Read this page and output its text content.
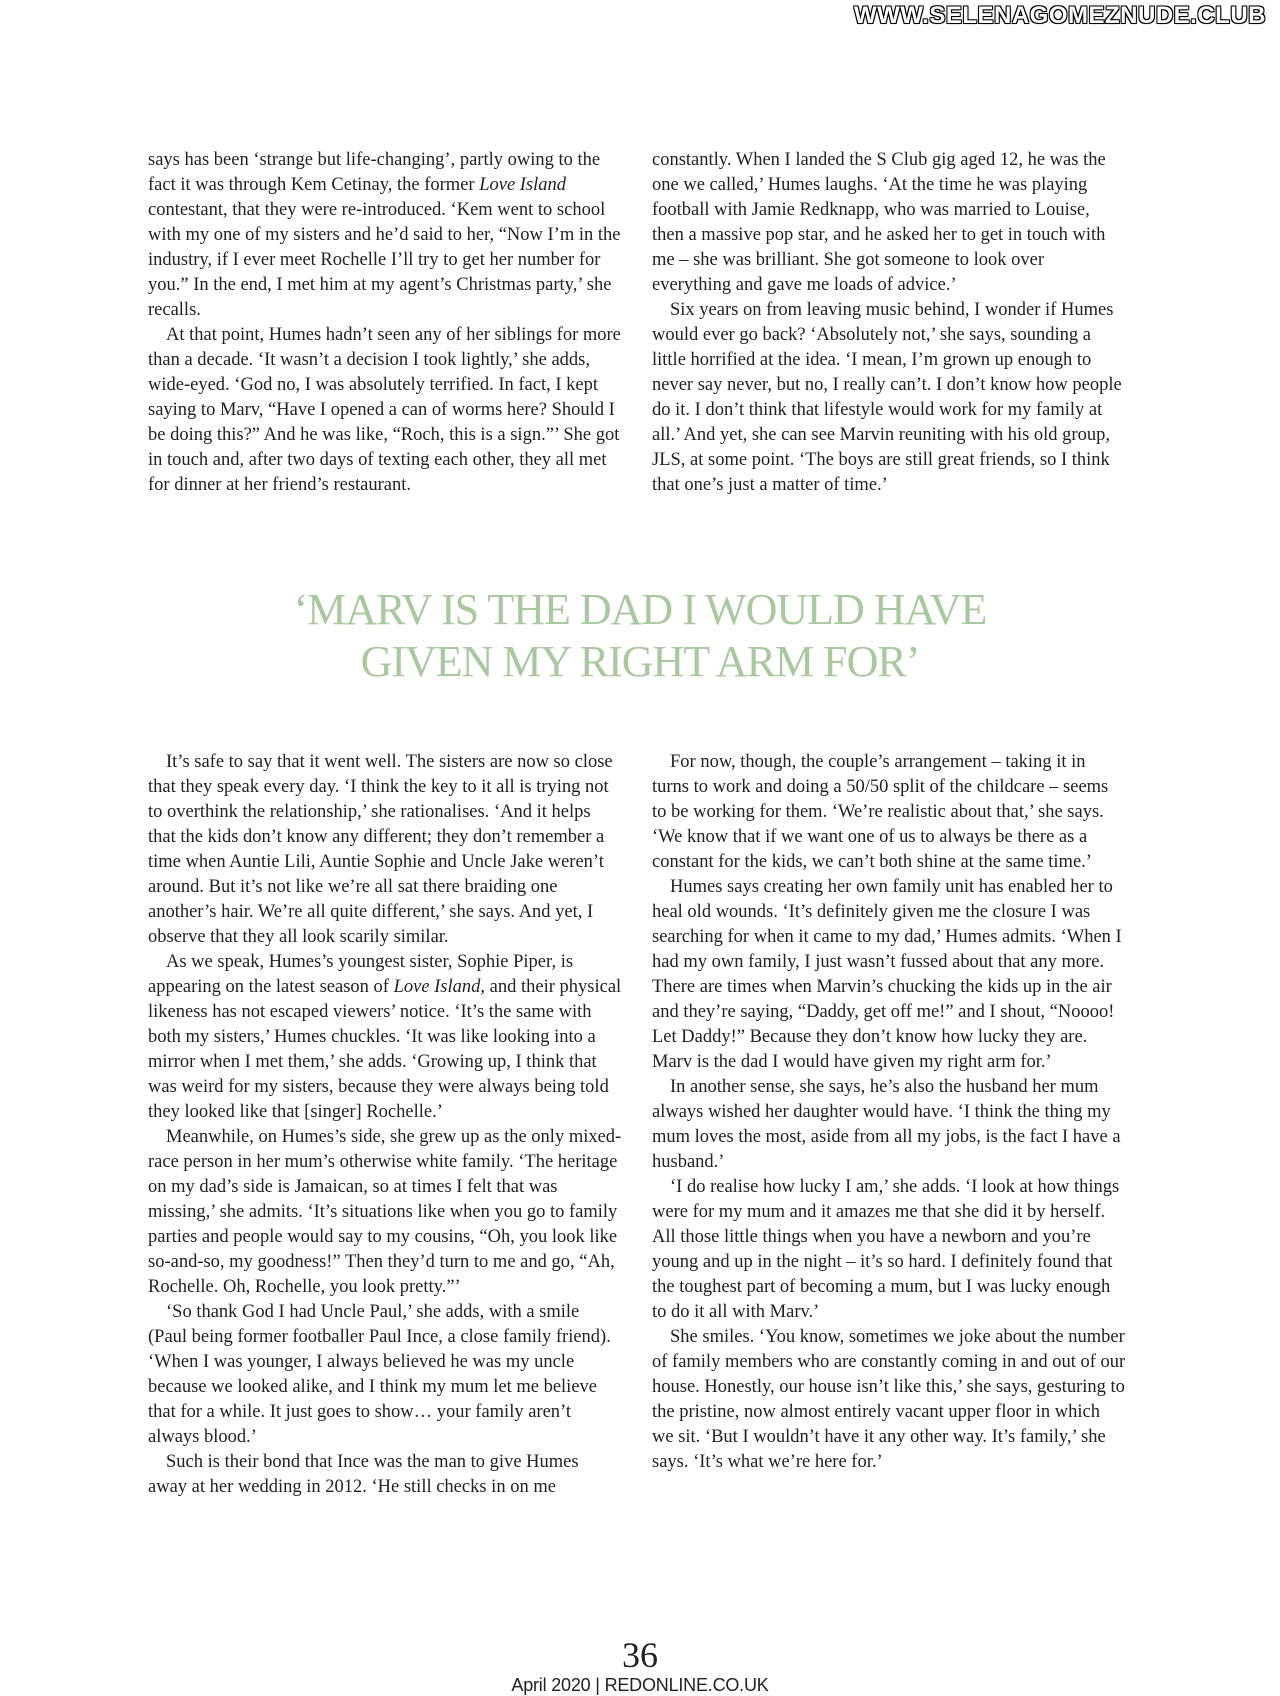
WWW.SELENAGOMEZNUDE.CLUB

says has been ‘strange but life-changing’, partly owing to the fact it was through Kem Cetinay, the former Love Island contestant, that they were re-introduced. ‘Kem went to school with my one of my sisters and he’d said to her, “Now I’m in the industry, if I ever meet Rochelle I’ll try to get her number for you.” In the end, I met him at my agent’s Christmas party,’ she recalls.

At that point, Humes hadn’t seen any of her siblings for more than a decade. ‘It wasn’t a decision I took lightly,’ she adds, wide-eyed. ‘God no, I was absolutely terrified. In fact, I kept saying to Marv, “Have I opened a can of worms here? Should I be doing this?” And he was like, “Roch, this is a sign.”’ She got in touch and, after two days of texting each other, they all met for dinner at her friend’s restaurant.

constantly. When I landed the S Club gig aged 12, he was the one we called,’ Humes laughs. ‘At the time he was playing football with Jamie Redknapp, who was married to Louise, then a massive pop star, and he asked her to get in touch with me – she was brilliant. She got someone to look over everything and gave me loads of advice.’

Six years on from leaving music behind, I wonder if Humes would ever go back? ‘Absolutely not,’ she says, sounding a little horrified at the idea. ‘I mean, I’m grown up enough to never say never, but no, I really can’t. I don’t know how people do it. I don’t think that lifestyle would work for my family at all.’ And yet, she can see Marvin reuniting with his old group, JLS, at some point. ‘The boys are still great friends, so I think that one’s just a matter of time.’

‘MARV IS THE DAD I WOULD HAVE
GIVEN MY RIGHT ARM FOR’

It’s safe to say that it went well. The sisters are now so close that they speak every day. ‘I think the key to it all is trying not to overthink the relationship,’ she rationalises. ‘And it helps that the kids don’t know any different; they don’t remember a time when Auntie Lili, Auntie Sophie and Uncle Jake weren’t around. But it’s not like we’re all sat there braiding one another’s hair. We’re all quite different,’ she says. And yet, I observe that they all look scarily similar.

As we speak, Humes’s youngest sister, Sophie Piper, is appearing on the latest season of Love Island, and their physical likeness has not escaped viewers’ notice. ‘It’s the same with both my sisters,’ Humes chuckles. ‘It was like looking into a mirror when I met them,’ she adds. ‘Growing up, I think that was weird for my sisters, because they were always being told they looked like that [singer] Rochelle.’

Meanwhile, on Humes’s side, she grew up as the only mixed-race person in her mum’s otherwise white family. ‘The heritage on my dad’s side is Jamaican, so at times I felt that was missing,’ she admits. ‘It’s situations like when you go to family parties and people would say to my cousins, “Oh, you look like so-and-so, my goodness!” Then they’d turn to me and go, “Ah, Rochelle. Oh, Rochelle, you look pretty.”’

‘So thank God I had Uncle Paul,’ she adds, with a smile (Paul being former footballer Paul Ince, a close family friend). ‘When I was younger, I always believed he was my uncle because we looked alike, and I think my mum let me believe that for a while. It just goes to show… your family aren’t always blood.’

Such is their bond that Ince was the man to give Humes away at her wedding in 2012. ‘He still checks in on me

For now, though, the couple’s arrangement – taking it in turns to work and doing a 50/50 split of the childcare – seems to be working for them. ‘We’re realistic about that,’ she says. ‘We know that if we want one of us to always be there as a constant for the kids, we can’t both shine at the same time.’

Humes says creating her own family unit has enabled her to heal old wounds. ‘It’s definitely given me the closure I was searching for when it came to my dad,’ Humes admits. ‘When I had my own family, I just wasn’t fussed about that any more. There are times when Marvin’s chucking the kids up in the air and they’re saying, “Daddy, get off me!” and I shout, “Noooo! Let Daddy!” Because they don’t know how lucky they are. Marv is the dad I would have given my right arm for.’

In another sense, she says, he’s also the husband her mum always wished her daughter would have. ‘I think the thing my mum loves the most, aside from all my jobs, is the fact I have a husband.’

‘I do realise how lucky I am,’ she adds. ‘I look at how things were for my mum and it amazes me that she did it by herself. All those little things when you have a newborn and you’re young and up in the night – it’s so hard. I definitely found that the toughest part of becoming a mum, but I was lucky enough to do it all with Marv.’

She smiles. ‘You know, sometimes we joke about the number of family members who are constantly coming in and out of our house. Honestly, our house isn’t like this,’ she says, gesturing to the pristine, now almost entirely vacant upper floor in which we sit. ‘But I wouldn’t have it any other way. It’s family,’ she says. ‘It’s what we’re here for.’

36
April 2020 | REDONLINE.CO.UK
